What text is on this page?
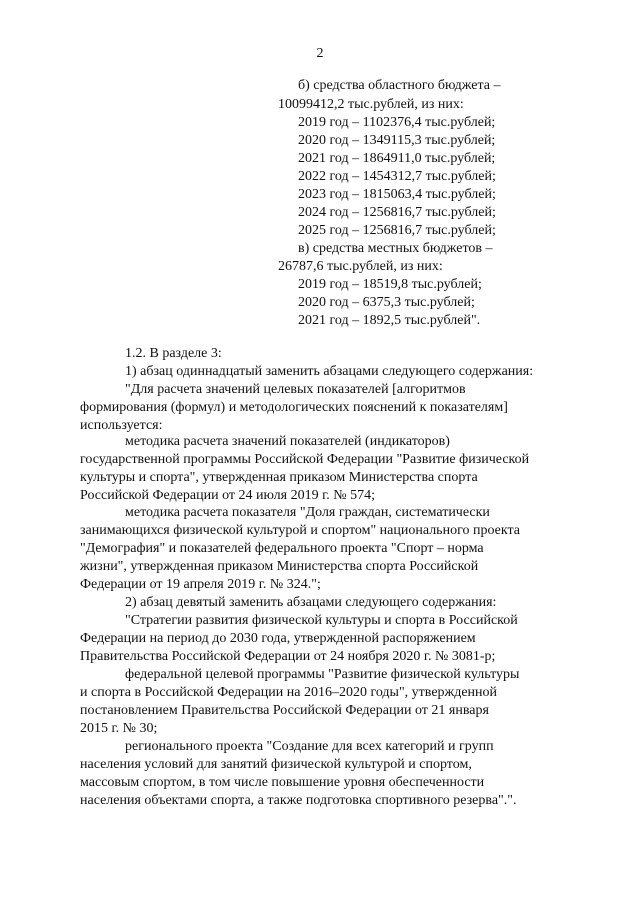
2
б) средства областного бюджета –
10099412,2 тыс.рублей, из них:
2019 год – 1102376,4 тыс.рублей;
2020 год – 1349115,3 тыс.рублей;
2021 год – 1864911,0 тыс.рублей;
2022 год – 1454312,7 тыс.рублей;
2023 год – 1815063,4 тыс.рублей;
2024 год – 1256816,7 тыс.рублей;
2025 год – 1256816,7 тыс.рублей;
в) средства местных бюджетов –
26787,6 тыс.рублей, из них:
2019 год – 18519,8 тыс.рублей;
2020 год – 6375,3 тыс.рублей;
2021 год – 1892,5 тыс.рублей".
1.2. В разделе 3:
1) абзац одиннадцатый заменить абзацами следующего содержания:
"Для расчета значений целевых показателей [алгоритмов
формирования (формул) и методологических пояснений к показателям]
используется:
методика расчета значений показателей (индикаторов)
государственной программы Российской Федерации "Развитие физической
культуры и спорта", утвержденная приказом Министерства спорта
Российской Федерации от 24 июля 2019 г. № 574;
методика расчета показателя "Доля граждан, систематически
занимающихся физической культурой и спортом" национального проекта
"Демография" и показателей федерального проекта "Спорт – норма
жизни", утвержденная приказом Министерства спорта Российской
Федерации от 19 апреля 2019 г. № 324.";
2) абзац девятый заменить абзацами следующего содержания:
"Стратегии развития физической культуры и спорта в Российской
Федерации на период до 2030 года, утвержденной распоряжением
Правительства Российской Федерации от 24 ноября 2020 г. № 3081-р;
федеральной целевой программы "Развитие физической культуры
и спорта в Российской Федерации на 2016–2020 годы", утвержденной
постановлением Правительства Российской Федерации от 21 января
2015 г. № 30;
регионального проекта "Создание для всех категорий и групп
населения условий для занятий физической культурой и спортом,
массовым спортом, в том числе повышение уровня обеспеченности
населения объектами спорта, а также подготовка спортивного резерва".".
